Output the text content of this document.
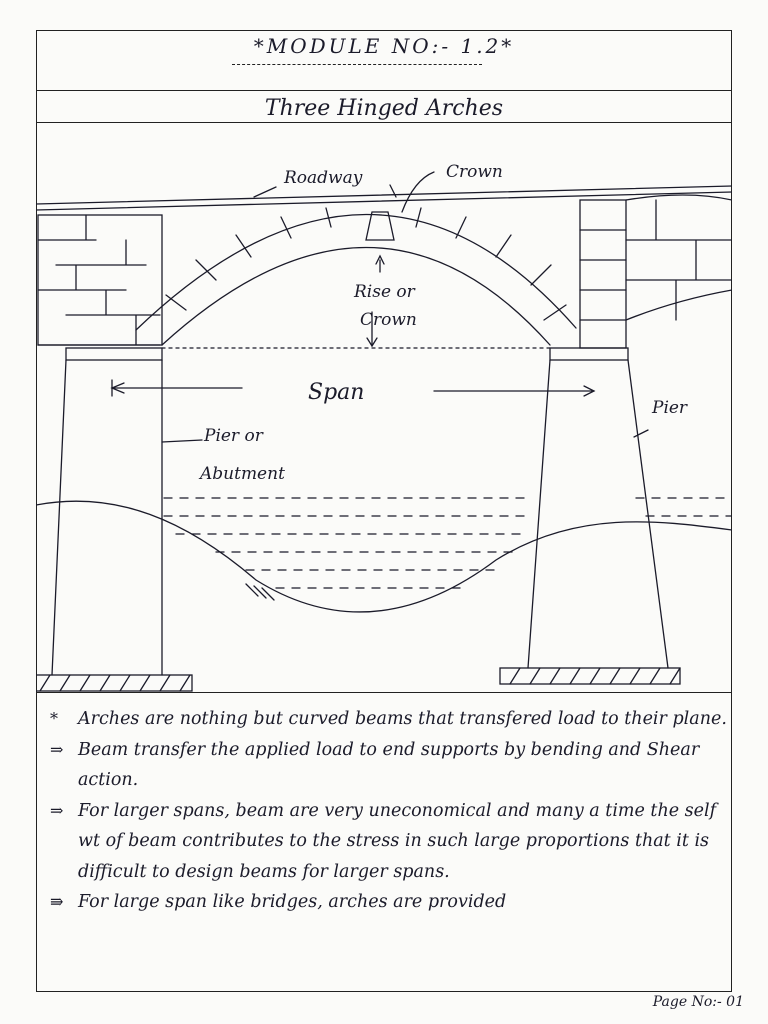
*MODULE NO:- 1.2*
Three Hinged Arches
Roadway	Crown
Rise or
Crown
Span
Pier or
Abutment
Pier

* Arches are nothing but curved beams that transfered load to their plane.

⇒ Beam transfer the applied load to end supports by bending and Shear action.

⇒ For larger spans, beam are very uneconomical and many a time the self wt of beam contributes to the stress in such large proportions that it is difficult to design beams for larger spans.

⇛ For large span like bridges, arches are provided

Page No:- 01
